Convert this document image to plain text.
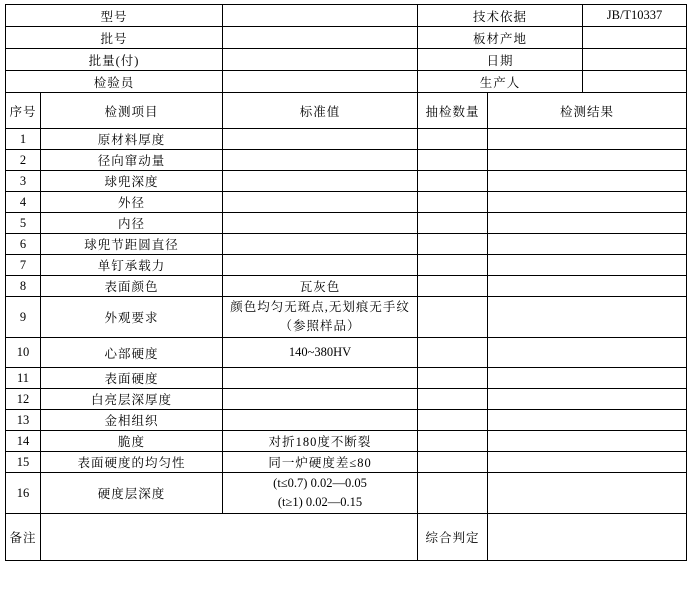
型号			技术依据		JB/T10337
批号			板材产地		
批量(付)			日期		
检验员			生产人		
序号	检测项目	标准值	抽检数量	检测结果	
1	原材料厚度				
2	径向窜动量				
3	球兜深度				
4	外径				
5	内径				
6	球兜节距圆直径				
7	单钉承载力				
8	表面颜色	瓦灰色			
9	外观要求	颜色均匀无斑点,无划痕无手纹
（参照样品）			

10	心部硬度	140~380HV			
11	表面硬度				
12	白亮层深厚度				
13	金相组织				
14	脆度	对折180度不断裂			
15	表面硬度的均匀性	同一炉硬度差≤80			
16	硬度层深度	(t≤0.7) 0.02—0.05
(t≥1) 0.02—0.15			

备注			综合判定		
